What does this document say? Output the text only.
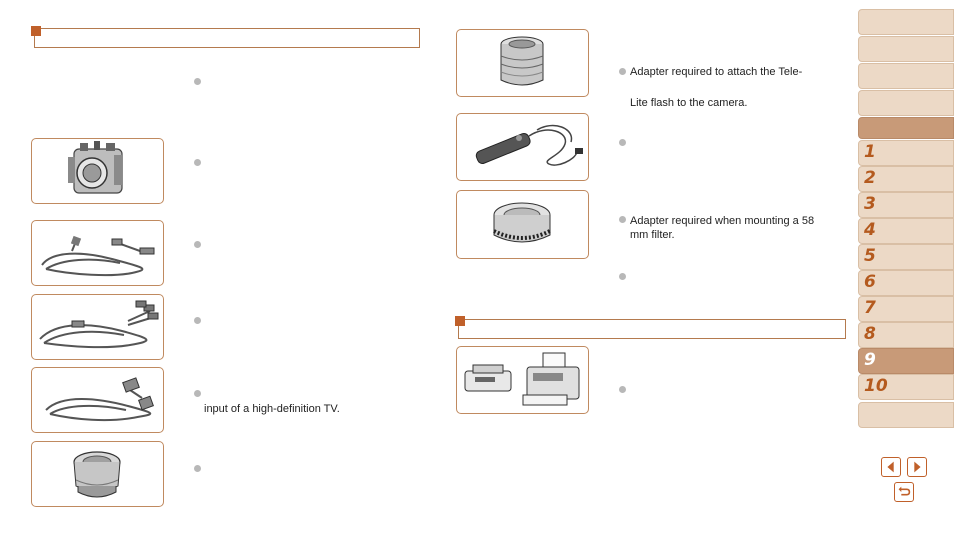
input of a high-definition TV.
Adapter required to attach the Tele-
Lite flash to the camera.
Adapter required when mounting a 58 mm filter.
1
2
3
4
5
6
7
8
9
10
